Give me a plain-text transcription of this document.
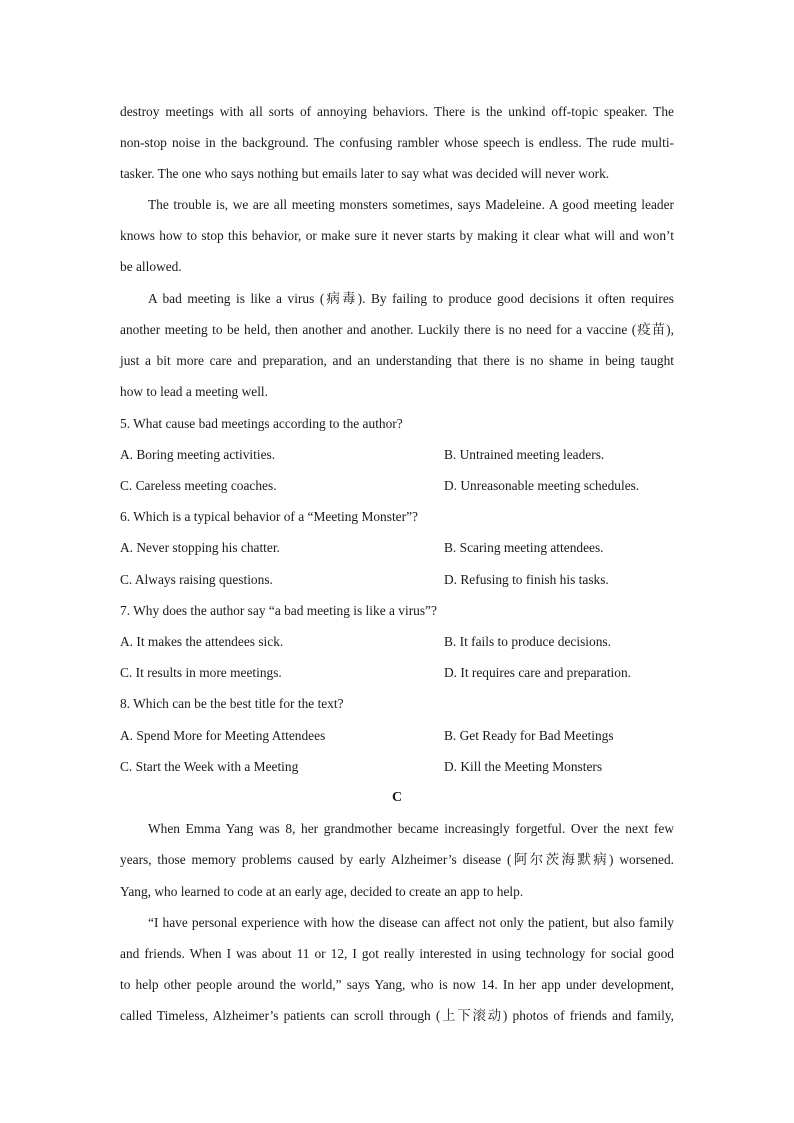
destroy meetings with all sorts of annoying behaviors. There is the unkind off-topic speaker. The
non-stop noise in the background. The confusing rambler whose speech is endless. The rude multi-
tasker. The one who says nothing but emails later to say what was decided will never work.
The trouble is, we are all meeting monsters sometimes, says Madeleine. A good meeting leader
knows how to stop this behavior, or make sure it never starts by making it clear what will and won’t
be allowed.
A bad meeting is like a virus (病毒). By failing to produce good decisions it often requires
another meeting to be held, then another and another. Luckily there is no need for a vaccine (疫苗),
just a bit more care and preparation, and an understanding that there is no shame in being taught
how to lead a meeting well.
5. What cause bad meetings according to the author?
A. Boring meeting activities.	B. Untrained meeting leaders.
C. Careless meeting coaches.	D. Unreasonable meeting schedules.
6. Which is a typical behavior of a “Meeting Monster”?
A. Never stopping his chatter.	B. Scaring meeting attendees.
C. Always raising questions.	D. Refusing to finish his tasks.
7. Why does the author say “a bad meeting is like a virus”?
A. It makes the attendees sick.	B. It fails to produce decisions.
C. It results in more meetings.	D. It requires care and preparation.
8. Which can be the best title for the text?
A. Spend More for Meeting Attendees	B. Get Ready for Bad Meetings
C. Start the Week with a Meeting	D. Kill the Meeting Monsters
C
When Emma Yang was 8, her grandmother became increasingly forgetful. Over the next few
years, those memory problems caused by early Alzheimer’s disease (阿尔茨海默病) worsened.
Yang, who learned to code at an early age, decided to create an app to help.
“I have personal experience with how the disease can affect not only the patient, but also family
and friends. When I was about 11 or 12, I got really interested in using technology for social good
to help other people around the world,” says Yang, who is now 14. In her app under development,
called Timeless, Alzheimer’s patients can scroll through (上下滚动) photos of friends and family,
